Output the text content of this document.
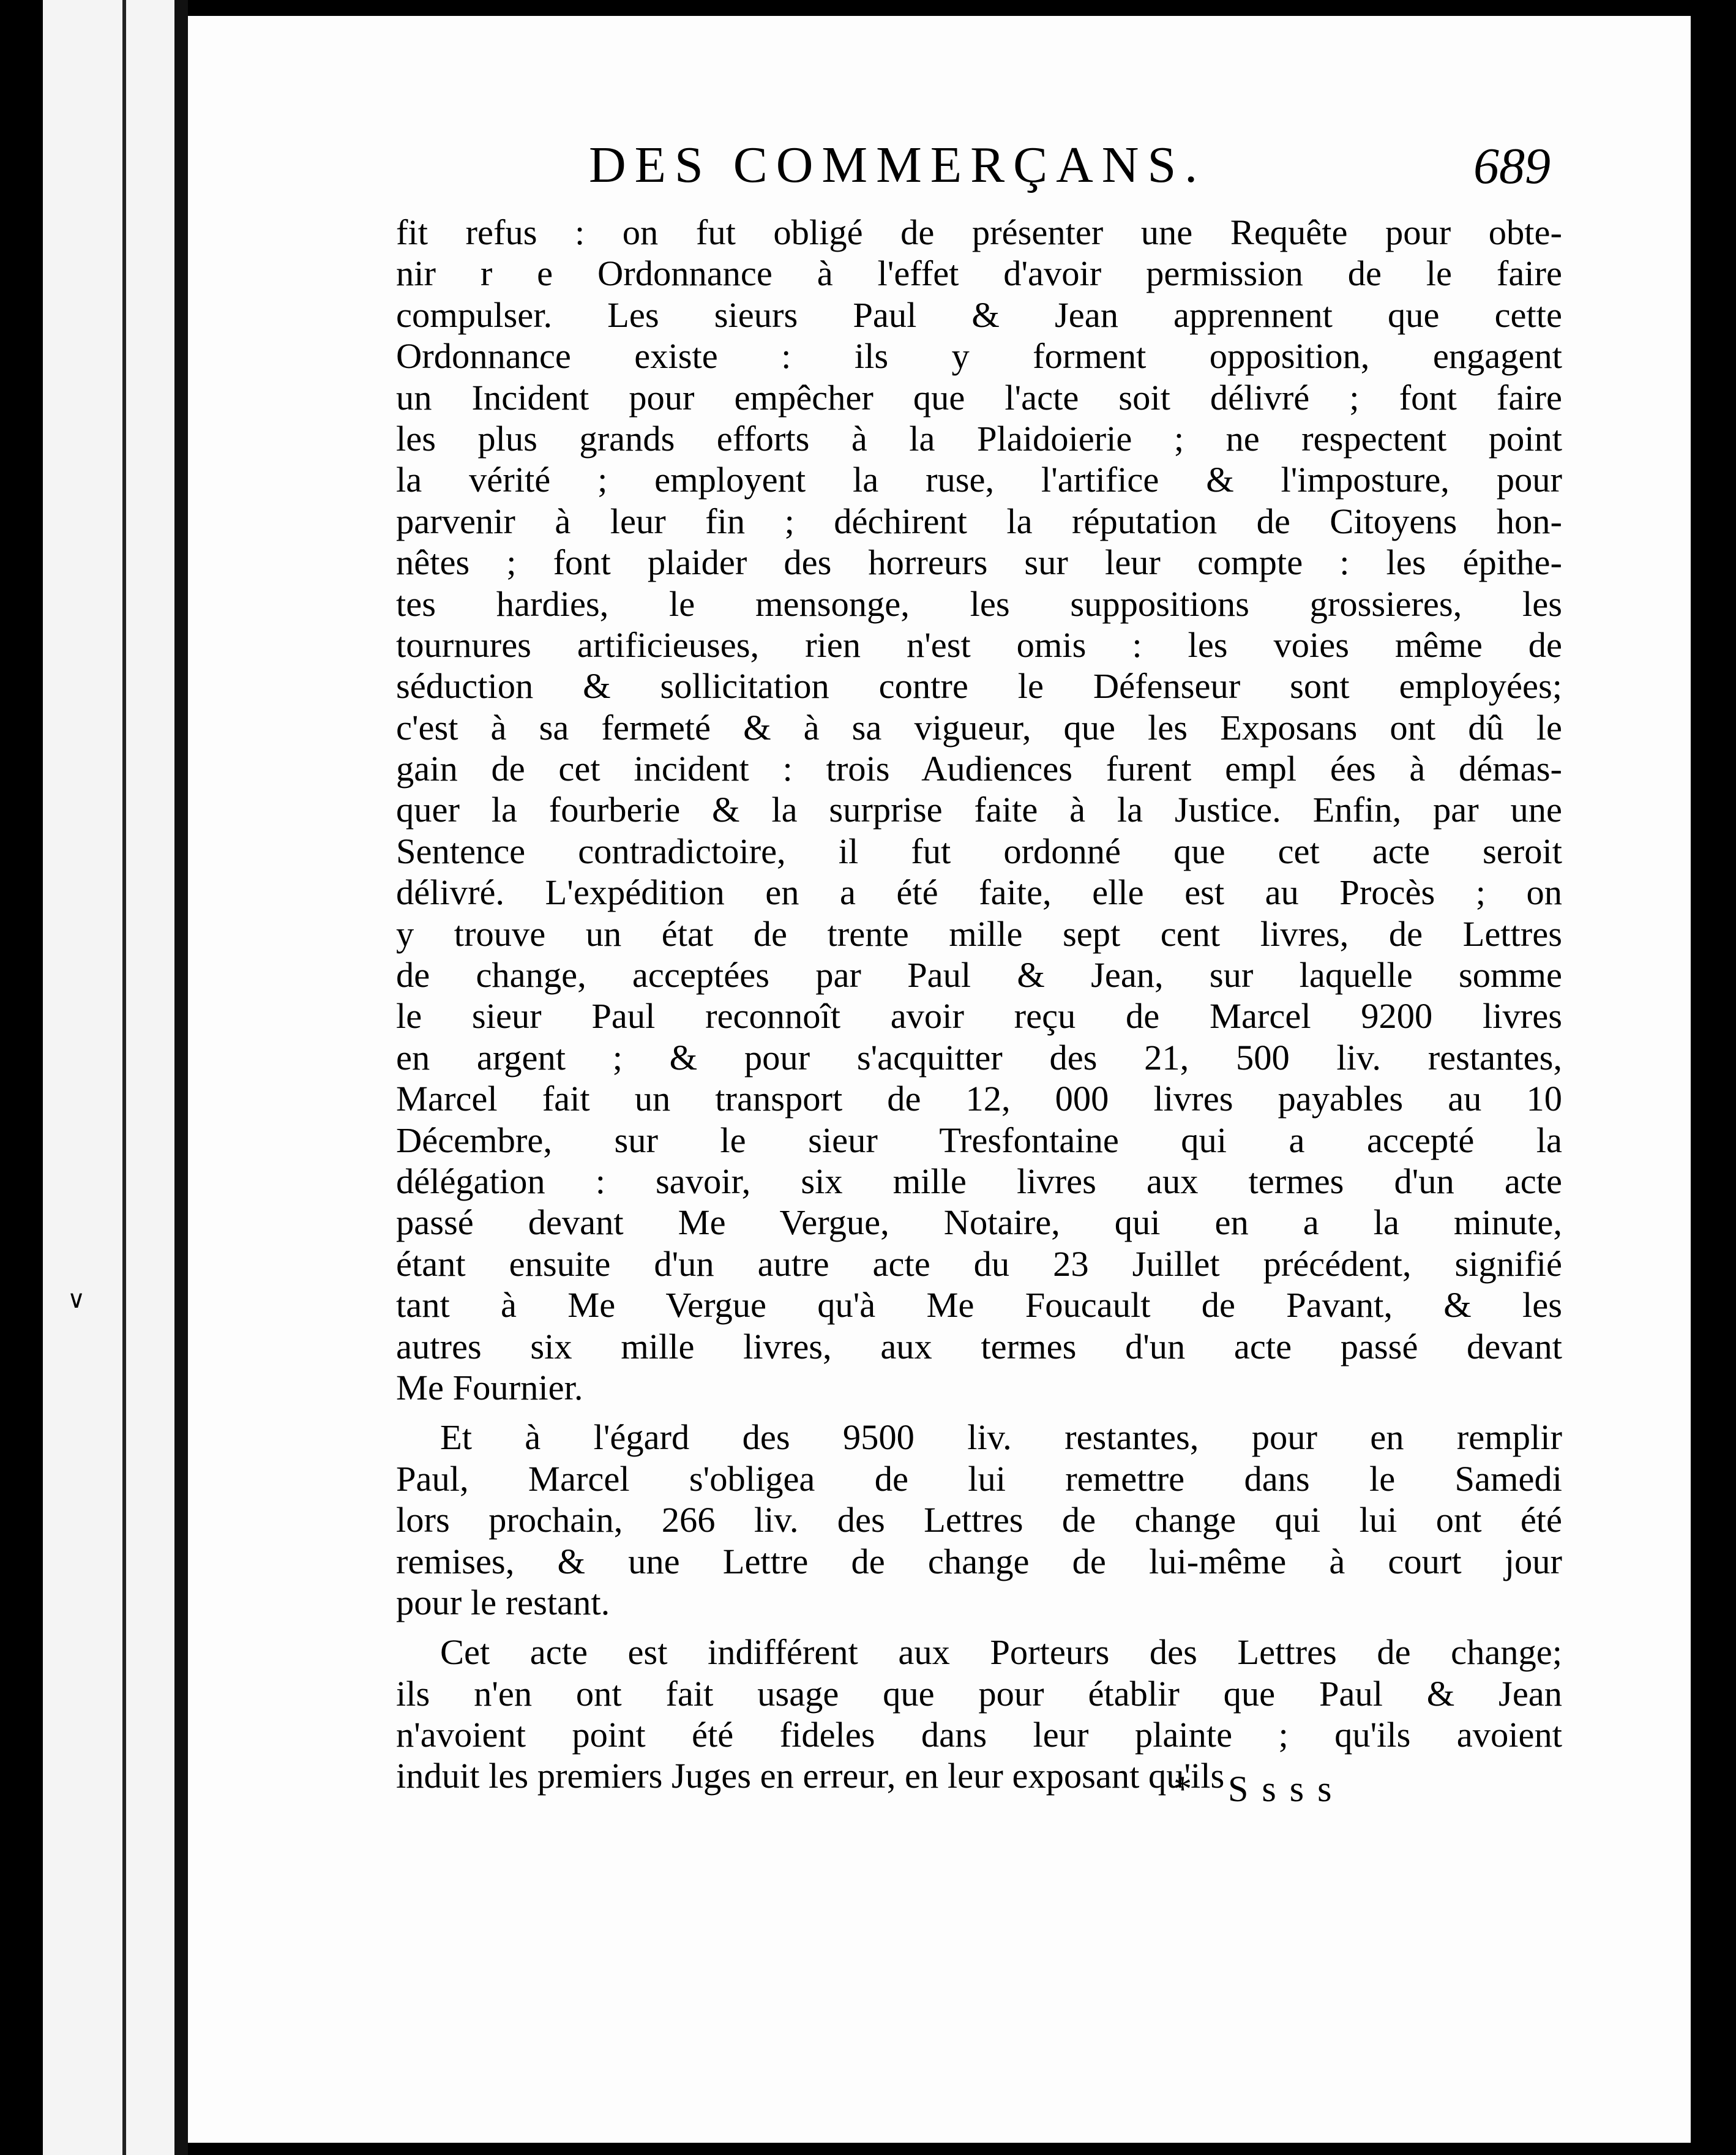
∨
DES COMMERÇANS.	689
fit refus : on fut obligé de présenter une Requête pour obte-
nir r e Ordonnance à l'effet d'avoir permission de le faire
compulser. Les sieurs Paul & Jean apprennent que cette
Ordonnance existe : ils y forment opposition, engagent
un Incident pour empêcher que l'acte soit délivré ; font faire
les plus grands efforts à la Plaidoierie ; ne respectent point
la vérité ; employent la ruse, l'artifice & l'imposture, pour
parvenir à leur fin ; déchirent la réputation de Citoyens hon-
nêtes ; font plaider des horreurs sur leur compte : les épithe-
tes hardies, le mensonge, les suppositions grossieres, les
tournures artificieuses, rien n'est omis : les voies même de
séduction & sollicitation contre le Défenseur sont employées;
c'est à sa fermeté & à sa vigueur, que les Exposans ont dû le
gain de cet incident : trois Audiences furent empl ées à démas-
quer la fourberie & la surprise faite à la Justice. Enfin, par une
Sentence contradictoire, il fut ordonné que cet acte seroit
délivré. L'expédition en a été faite, elle est au Procès ; on
y trouve un état de trente mille sept cent livres, de Lettres
de change, acceptées par Paul & Jean, sur laquelle somme
le sieur Paul reconnoît avoir reçu de Marcel 9200 livres
en argent ; & pour s'acquitter des 21, 500 liv. restantes,
Marcel fait un transport de 12, 000 livres payables au 10
Décembre, sur le sieur Tresfontaine qui a accepté la
délégation : savoir, six mille livres aux termes d'un acte
passé devant Me Vergue, Notaire, qui en a la minute,
étant ensuite d'un autre acte du 23 Juillet précédent, signifié
tant à Me Vergue qu'à Me Foucault de Pavant, & les
autres six mille livres, aux termes d'un acte passé devant
Me Fournier.
Et à l'égard des 9500 liv. restantes, pour en remplir
Paul, Marcel s'obligea de lui remettre dans le Samedi
lors prochain, 266 liv. des Lettres de change qui lui ont été
remises, & une Lettre de change de lui-même à court jour
pour le restant.
Cet acte est indifférent aux Porteurs des Lettres de change;
ils n'en ont fait usage que pour établir que Paul & Jean
n'avoient point été fideles dans leur plainte ; qu'ils avoient
induit les premiers Juges en erreur, en leur exposant qu'ils
* Ssss
